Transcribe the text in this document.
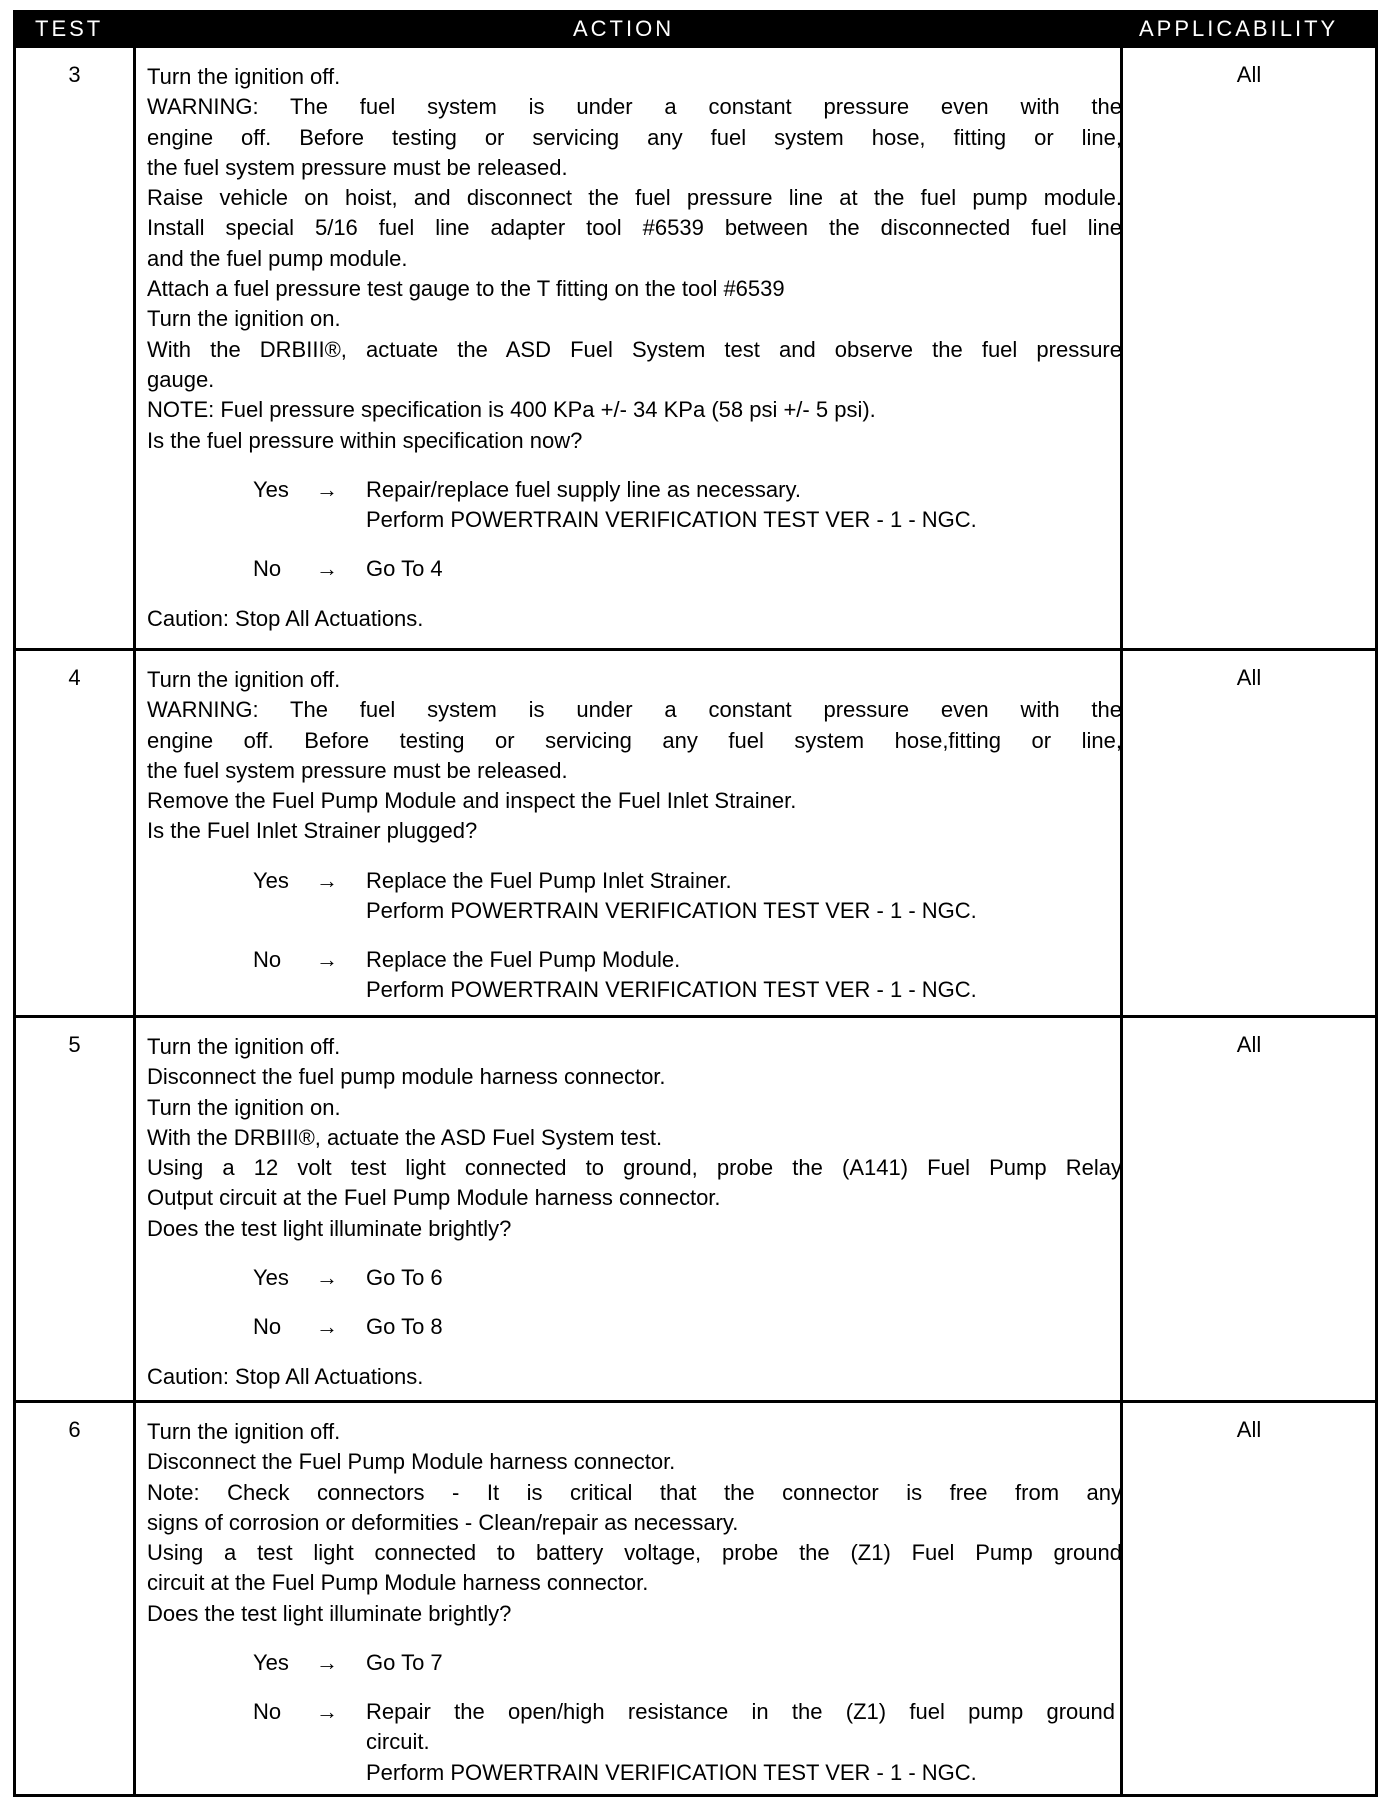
TEST	ACTION	APPLICABILITY
3	Turn the ignition off.
WARNING: The fuel system is under a constant pressure even with the
engine off. Before testing or servicing any fuel system hose, fitting or line,
the fuel system pressure must be released.
Raise vehicle on hoist, and disconnect the fuel pressure line at the fuel pump module.
Install special 5/16 fuel line adapter tool #6539 between the disconnected fuel line
and the fuel pump module.
Attach a fuel pressure test gauge to the T fitting on the tool #6539
Turn the ignition on.
With the DRBIII®, actuate the ASD Fuel System test and observe the fuel pressure
gauge.
NOTE: Fuel pressure specification is 400 KPa +/- 34 KPa (58 psi +/- 5 psi).
Is the fuel pressure within specification now?
Yes → Repair/replace fuel supply line as necessary.
Perform POWERTRAIN VERIFICATION TEST VER - 1 - NGC.
No → Go To 4
Caution: Stop All Actuations.
All
4	Turn the ignition off.
WARNING: The fuel system is under a constant pressure even with the
engine off. Before testing or servicing any fuel system hose,fitting or line,
the fuel system pressure must be released.
Remove the Fuel Pump Module and inspect the Fuel Inlet Strainer.
Is the Fuel Inlet Strainer plugged?
Yes → Replace the Fuel Pump Inlet Strainer.
Perform POWERTRAIN VERIFICATION TEST VER - 1 - NGC.
No → Replace the Fuel Pump Module.
Perform POWERTRAIN VERIFICATION TEST VER - 1 - NGC.
All
5	Turn the ignition off.
Disconnect the fuel pump module harness connector.
Turn the ignition on.
With the DRBIII®, actuate the ASD Fuel System test.
Using a 12 volt test light connected to ground, probe the (A141) Fuel Pump Relay
Output circuit at the Fuel Pump Module harness connector.
Does the test light illuminate brightly?
Yes → Go To 6
No → Go To 8
Caution: Stop All Actuations.
All
6	Turn the ignition off.
Disconnect the Fuel Pump Module harness connector.
Note: Check connectors - It is critical that the connector is free from any
signs of corrosion or deformities - Clean/repair as necessary.
Using a test light connected to battery voltage, probe the (Z1) Fuel Pump ground
circuit at the Fuel Pump Module harness connector.
Does the test light illuminate brightly?
Yes → Go To 7
No → Repair the open/high resistance in the (Z1) fuel pump ground
circuit.
Perform POWERTRAIN VERIFICATION TEST VER - 1 - NGC.
All
